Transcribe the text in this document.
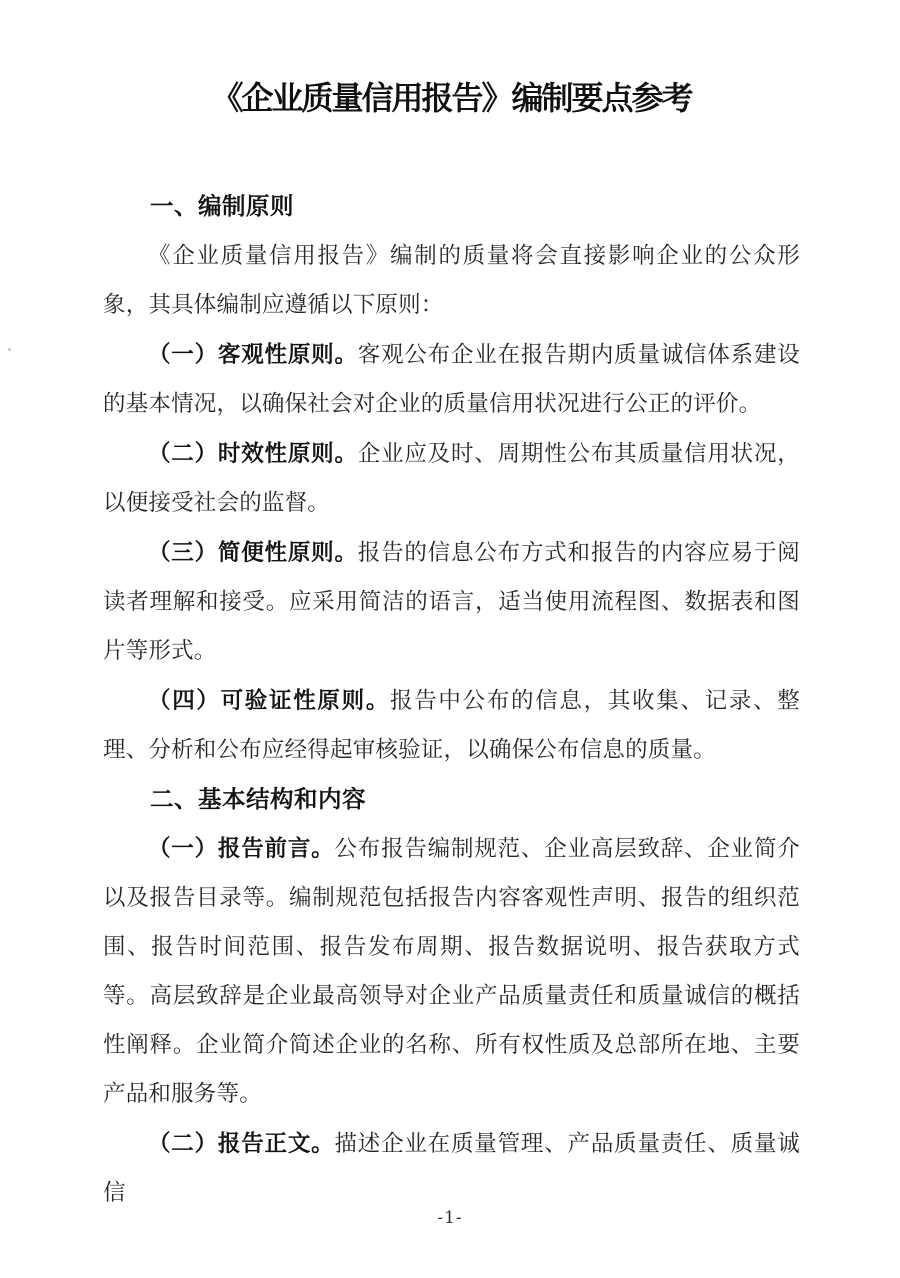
《企业质量信用报告》编制要点参考
一、编制原则

《企业质量信用报告》编制的质量将会直接影响企业的公众形象，其具体编制应遵循以下原则：

（一）客观性原则。客观公布企业在报告期内质量诚信体系建设的基本情况，以确保社会对企业的质量信用状况进行公正的评价。

（二）时效性原则。企业应及时、周期性公布其质量信用状况，以便接受社会的监督。

（三）简便性原则。报告的信息公布方式和报告的内容应易于阅读者理解和接受。应采用简洁的语言，适当使用流程图、数据表和图片等形式。

（四）可验证性原则。报告中公布的信息，其收集、记录、整理、分析和公布应经得起审核验证，以确保公布信息的质量。

二、基本结构和内容

（一）报告前言。公布报告编制规范、企业高层致辞、企业简介以及报告目录等。编制规范包括报告内容客观性声明、报告的组织范围、报告时间范围、报告发布周期、报告数据说明、报告获取方式等。高层致辞是企业最高领导对企业产品质量责任和质量诚信的概括性阐释。企业简介简述企业的名称、所有权性质及总部所在地、主要产品和服务等。

（二）报告正文。描述企业在质量管理、产品质量责任、质量诚信

-1-
